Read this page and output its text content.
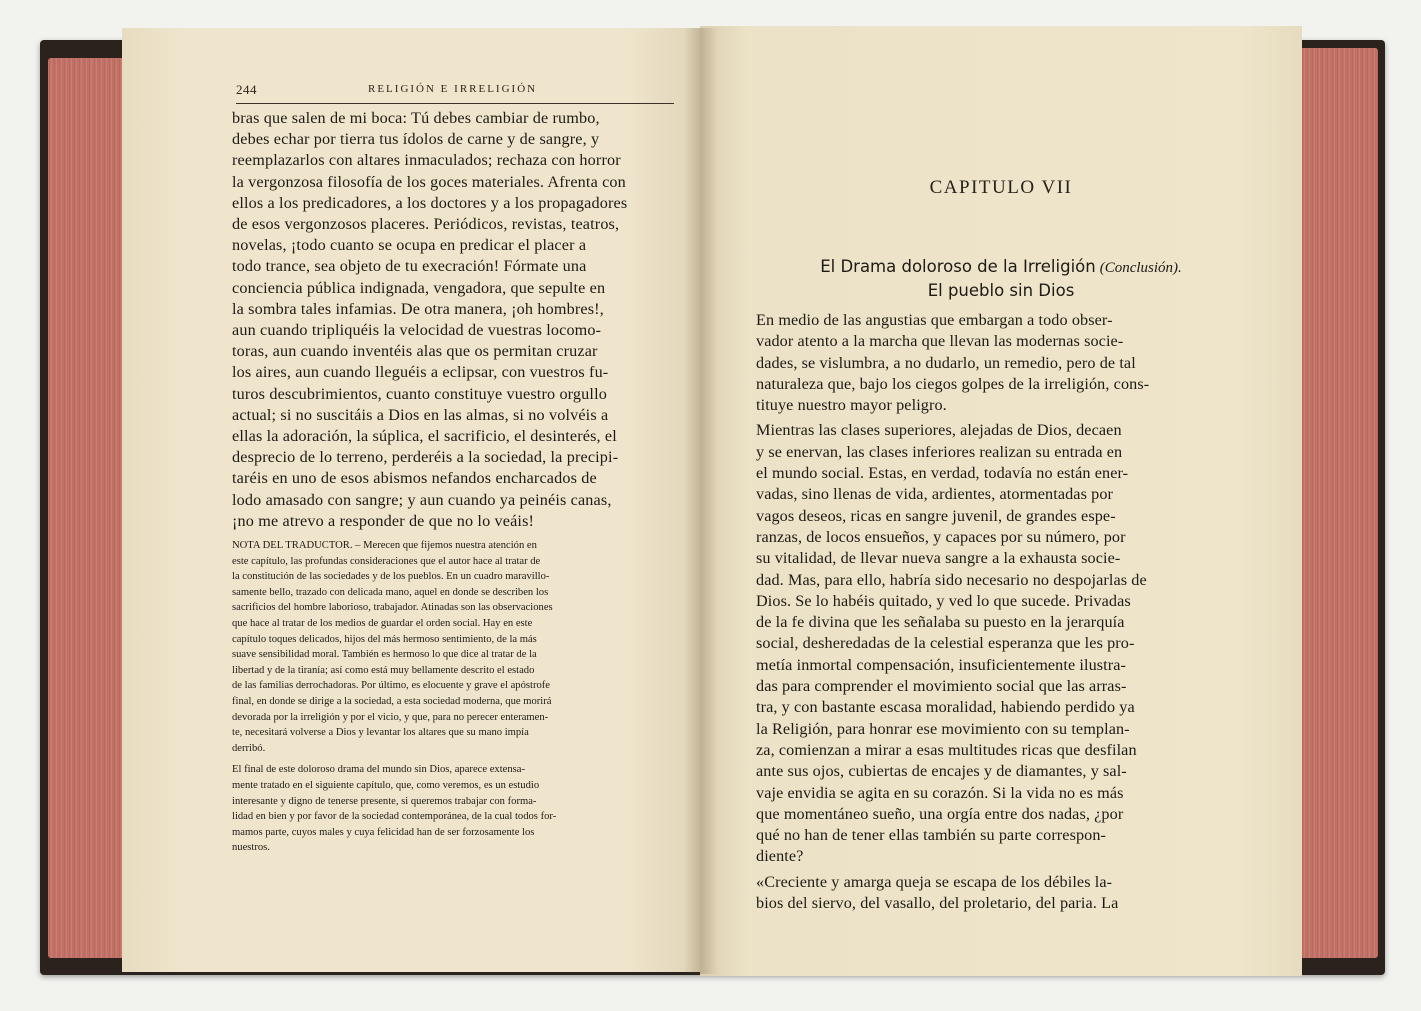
244	RELIGIÓN E IRRELIGIÓN

bras que salen de mi boca: Tú debes cambiar de rumbo,
debes echar por tierra tus ídolos de carne y de sangre, y
reemplazarlos con altares inmaculados; rechaza con horror
la vergonzosa filosofía de los goces materiales. Afrenta con
ellos a los predicadores, a los doctores y a los propagadores
de esos vergonzosos placeres. Periódicos, revistas, teatros,
novelas, ¡todo cuanto se ocupa en predicar el placer a
todo trance, sea objeto de tu execración! Fórmate una
conciencia pública indignada, vengadora, que sepulte en
la sombra tales infamias. De otra manera, ¡oh hombres!,
aun cuando tripliquéis la velocidad de vuestras locomo-
toras, aun cuando inventéis alas que os permitan cruzar
los aires, aun cuando lleguéis a eclipsar, con vuestros fu-
turos descubrimientos, cuanto constituye vuestro orgullo
actual; si no suscitáis a Dios en las almas, si no volvéis a
ellas la adoración, la súplica, el sacrificio, el desinterés, el
desprecio de lo terreno, perderéis a la sociedad, la precipi-
taréis en uno de esos abismos nefandos encharcados de
lodo amasado con sangre; y aun cuando ya peinéis canas,
¡no me atrevo a responder de que no lo veáis!

NOTA DEL TRADUCTOR. – Merecen que fijemos nuestra atención en
este capítulo, las profundas consideraciones que el autor hace al tratar de
la constitución de las sociedades y de los pueblos. En un cuadro maravillo-
samente bello, trazado con delicada mano, aquel en donde se describen los
sacrificios del hombre laborioso, trabajador. Atinadas son las observaciones
que hace al tratar de los medios de guardar el orden social. Hay en este
capítulo toques delicados, hijos del más hermoso sentimiento, de la más
suave sensibilidad moral. También es hermoso lo que dice al tratar de la
libertad y de la tiranía; así como está muy bellamente descrito el estado
de las familias derrochadoras. Por último, es elocuente y grave el apóstrofe
final, en donde se dirige a la sociedad, a esta sociedad moderna, que morirá
devorada por la irreligión y por el vicio, y que, para no perecer enteramen-
te, necesitará volverse a Dios y levantar los altares que su mano impía
derribó.
El final de este doloroso drama del mundo sin Dios, aparece extensa-
mente tratado en el siguiente capítulo, que, como veremos, es un estudio
interesante y digno de tenerse presente, si queremos trabajar con forma-
lidad en bien y por favor de la sociedad contemporánea, de la cual todos for-
mamos parte, cuyos males y cuya felicidad han de ser forzosamente los
nuestros.
CAPITULO VII
El Drama doloroso de la Irreligión (Conclusión).
El pueblo sin Dios
En medio de las angustias que embargan a todo obser-
vador atento a la marcha que llevan las modernas socie-
dades, se vislumbra, a no dudarlo, un remedio, pero de tal
naturaleza que, bajo los ciegos golpes de la irreligión, cons-
tituye nuestro mayor peligro.
Mientras las clases superiores, alejadas de Dios, decaen
y se enervan, las clases inferiores realizan su entrada en
el mundo social. Estas, en verdad, todavía no están ener-
vadas, sino llenas de vida, ardientes, atormentadas por
vagos deseos, ricas en sangre juvenil, de grandes espe-
ranzas, de locos ensueños, y capaces por su número, por
su vitalidad, de llevar nueva sangre a la exhausta socie-
dad. Mas, para ello, habría sido necesario no despojarlas de
Dios. Se lo habéis quitado, y ved lo que sucede. Privadas
de la fe divina que les señalaba su puesto en la jerarquía
social, desheredadas de la celestial esperanza que les pro-
metía inmortal compensación, insuficientemente ilustra-
das para comprender el movimiento social que las arras-
tra, y con bastante escasa moralidad, habiendo perdido ya
la Religión, para honrar ese movimiento con su templan-
za, comienzan a mirar a esas multitudes ricas que desfilan
ante sus ojos, cubiertas de encajes y de diamantes, y sal-
vaje envidia se agita en su corazón. Si la vida no es más
que momentáneo sueño, una orgía entre dos nadas, ¿por
qué no han de tener ellas también su parte correspon-
diente?
«Creciente y amarga queja se escapa de los débiles la-
bios del siervo, del vasallo, del proletario, del paria. La
